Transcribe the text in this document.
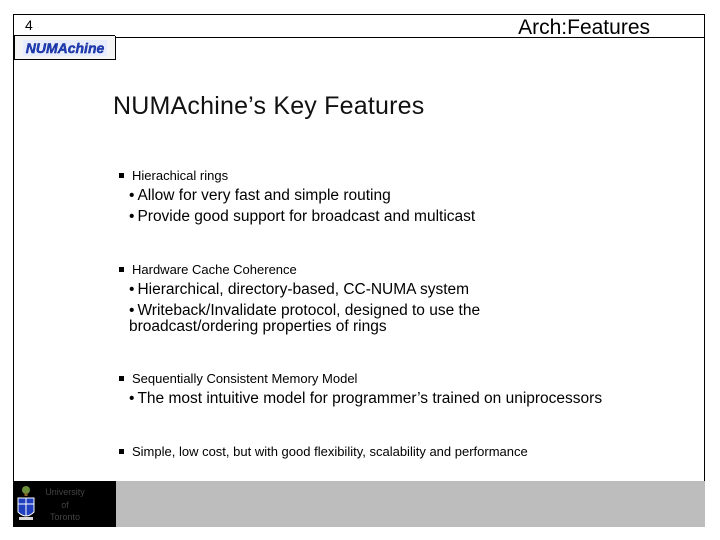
4
NUMAchine
Arch:Features
NUMAchine’s Key Features
Hierachical rings
• Allow for very fast and simple routing
• Provide good support for broadcast and multicast
Hardware Cache Coherence
• Hierarchical, directory-based, CC-NUMA system
• Writeback/Invalidate protocol, designed to use the
broadcast/ordering properties of rings
Sequentially Consistent Memory Model
• The most intuitive model for programmer’s trained on uniprocessors
Simple, low cost, but with good flexibility, scalability and performance
University
of
Toronto
